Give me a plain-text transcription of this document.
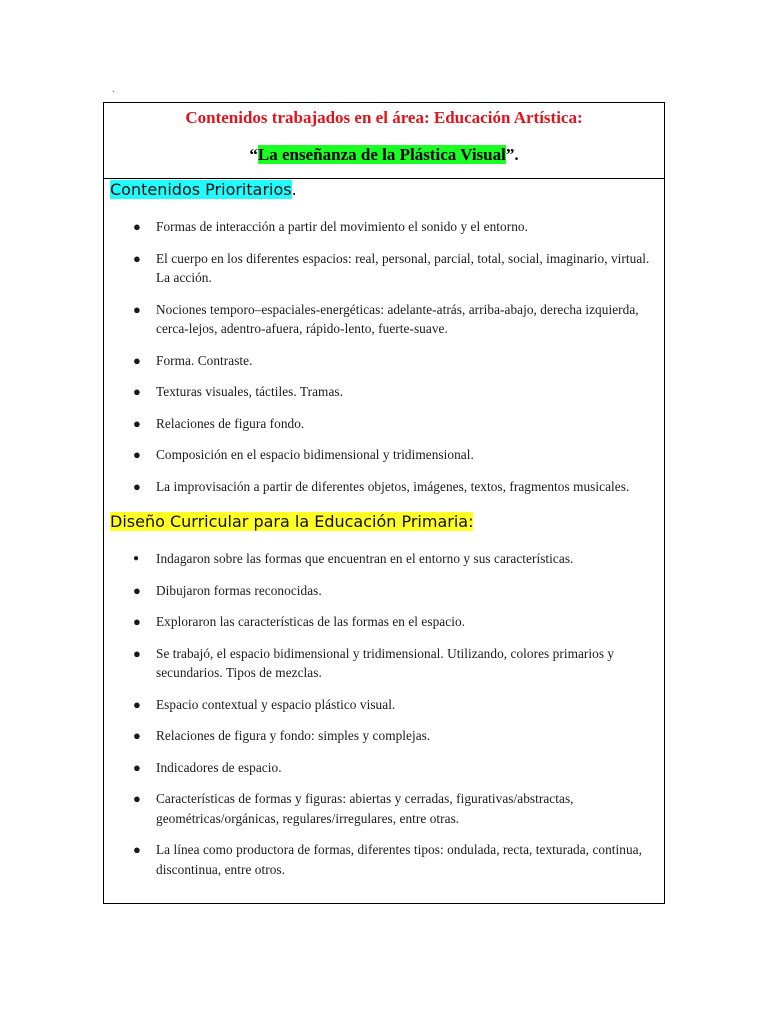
.
Contenidos trabajados en el área: Educación Artística:
“La enseñanza de la Plástica Visual”.
Contenidos Prioritarios.
● Formas de interacción a partir del movimiento el sonido y el entorno.
● El cuerpo en los diferentes espacios: real, personal, parcial, total, social, imaginario, virtual. La acción.
● Nociones temporo–espaciales-energéticas: adelante-atrás, arriba-abajo, derecha izquierda, cerca-lejos, adentro-afuera, rápido-lento, fuerte-suave.
● Forma. Contraste.
● Texturas visuales, táctiles. Tramas.
● Relaciones de figura fondo.
● Composición en el espacio bidimensional y tridimensional.
● La improvisación a partir de diferentes objetos, imágenes, textos, fragmentos musicales.
Diseño Curricular para la Educación Primaria:
● Indagaron sobre las formas que encuentran en el entorno y sus características.
● Dibujaron formas reconocidas.
● Exploraron las características de las formas en el espacio.
● Se trabajó, el espacio bidimensional y tridimensional. Utilizando, colores primarios y secundarios. Tipos de mezclas.
● Espacio contextual y espacio plástico visual.
● Relaciones de figura y fondo: simples y complejas.
● Indicadores de espacio.
● Características de formas y figuras: abiertas y cerradas, figurativas/abstractas, geométricas/orgánicas, regulares/irregulares, entre otras.
● La línea como productora de formas, diferentes tipos: ondulada, recta, texturada, continua, discontinua, entre otros.
